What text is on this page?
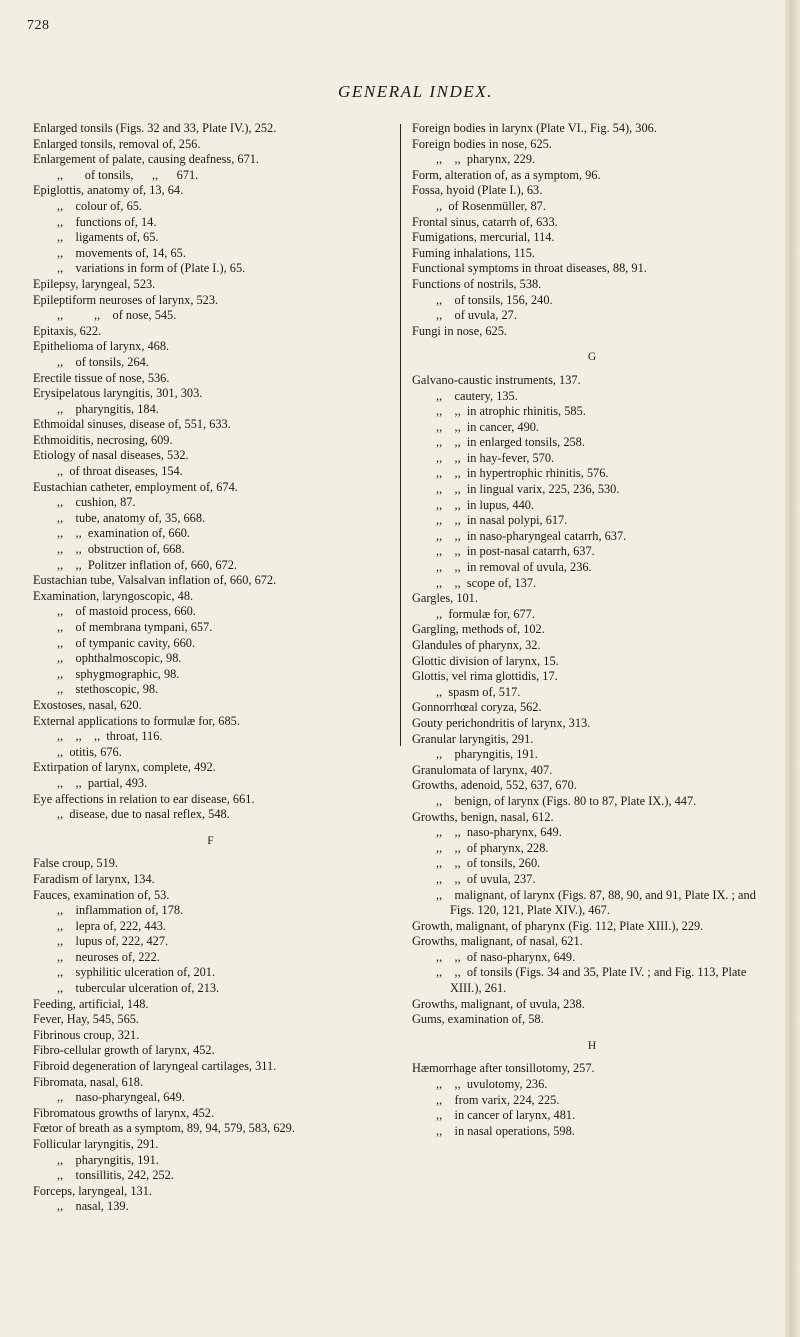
728
GENERAL INDEX.
Enlarged tonsils (Figs. 32 and 33, Plate IV.), 252.
Enlarged tonsils, removal of, 256.
Enlargement of palate, causing deafness, 671.
,,       of tonsils,      ,,      671.
Epiglottis, anatomy of, 13, 64.
,,    colour of, 65.
,,    functions of, 14.
,,    ligaments of, 65.
,,    movements of, 14, 65.
,,    variations in form of (Plate I.), 65.
Epilepsy, laryngeal, 523.
Epileptiform neuroses of larynx, 523.
,,          ,,    of nose, 545.
Epitaxis, 622.
Epithelioma of larynx, 468.
,,    of tonsils, 264.
Erectile tissue of nose, 536.
Erysipelatous laryngitis, 301, 303.
,,    pharyngitis, 184.
Ethmoidal sinuses, disease of, 551, 633.
Ethmoiditis, necrosing, 609.
Etiology of nasal diseases, 532.
,,  of throat diseases, 154.
Eustachian catheter, employment of, 674.
,,    cushion, 87.
,,    tube, anatomy of, 35, 668.
,,    ,,  examination of, 660.
,,    ,,  obstruction of, 668.
,,    ,,  Politzer inflation of, 660, 672.
Eustachian tube, Valsalvan inflation of, 660, 672.
Examination, laryngoscopic, 48.
,,    of mastoid process, 660.
,,    of membrana tympani, 657.
,,    of tympanic cavity, 660.
,,    ophthalmoscopic, 98.
,,    sphygmographic, 98.
,,    stethoscopic, 98.
Exostoses, nasal, 620.
External applications to formulæ for, 685.
,,    ,,    ,,  throat, 116.
,,  otitis, 676.
Extirpation of larynx, complete, 492.
,,    ,,  partial, 493.
Eye affections in relation to ear disease, 661.
,,  disease, due to nasal reflex, 548.
F
False croup, 519.
Faradism of larynx, 134.
Fauces, examination of, 53.
,,    inflammation of, 178.
,,    lepra of, 222, 443.
,,    lupus of, 222, 427.
,,    neuroses of, 222.
,,    syphilitic ulceration of, 201.
,,    tubercular ulceration of, 213.
Feeding, artificial, 148.
Fever, Hay, 545, 565.
Fibrinous croup, 321.
Fibro-cellular growth of larynx, 452.
Fibroid degeneration of laryngeal cartilages, 311.
Fibromata, nasal, 618.
,,    naso-pharyngeal, 649.
Fibromatous growths of larynx, 452.
Fœtor of breath as a symptom, 89, 94, 579, 583, 629.
Follicular laryngitis, 291.
,,    pharyngitis, 191.
,,    tonsillitis, 242, 252.
Forceps, laryngeal, 131.
,,    nasal, 139.
Foreign bodies in larynx (Plate VI., Fig. 54), 306.
Foreign bodies in nose, 625.
,,    ,,  pharynx, 229.
Form, alteration of, as a symptom, 96.
Fossa, hyoid (Plate I.), 63.
,,  of Rosenmüller, 87.
Frontal sinus, catarrh of, 633.
Fumigations, mercurial, 114.
Fuming inhalations, 115.
Functional symptoms in throat diseases, 88, 91.
Functions of nostrils, 538.
,,    of tonsils, 156, 240.
,,    of uvula, 27.
Fungi in nose, 625.
G
Galvano-caustic instruments, 137.
,,    cautery, 135.
,,    ,,  in atrophic rhinitis, 585.
,,    ,,  in cancer, 490.
,,    ,,  in enlarged tonsils, 258.
,,    ,,  in hay-fever, 570.
,,    ,,  in hypertrophic rhinitis, 576.
,,    ,,  in lingual varix, 225, 236, 530.
,,    ,,  in lupus, 440.
,,    ,,  in nasal polypi, 617.
,,    ,,  in naso-pharyngeal catarrh, 637.
,,    ,,  in post-nasal catarrh, 637.
,,    ,,  in removal of uvula, 236.
,,    ,,  scope of, 137.
Gargles, 101.
,,  formulæ for, 677.
Gargling, methods of, 102.
Glandules of pharynx, 32.
Glottic division of larynx, 15.
Glottis, vel rima glottidis, 17.
,,  spasm of, 517.
Gonnorrhœal coryza, 562.
Gouty perichondritis of larynx, 313.
Granular laryngitis, 291.
,,    pharyngitis, 191.
Granulomata of larynx, 407.
Growths, adenoid, 552, 637, 670.
,,    benign, of larynx (Figs. 80 to 87, Plate IX.), 447.
Growths, benign, nasal, 612.
,,    ,,  naso-pharynx, 649.
,,    ,,  of pharynx, 228.
,,    ,,  of tonsils, 260.
,,    ,,  of uvula, 237.
,,    malignant, of larynx (Figs. 87, 88, 90, and 91, Plate IX. ; and Figs. 120, 121, Plate XIV.), 467.
Growth, malignant, of pharynx (Fig. 112, Plate XIII.), 229.
Growths, malignant, of nasal, 621.
,,    ,,  of naso-pharynx, 649.
,,    ,,  of tonsils (Figs. 34 and 35, Plate IV. ; and Fig. 113, Plate XIII.), 261.
Growths, malignant, of uvula, 238.
Gums, examination of, 58.
H
Hæmorrhage after tonsillotomy, 257.
,,    ,,  uvulotomy, 236.
,,    from varix, 224, 225.
,,    in cancer of larynx, 481.
,,    in nasal operations, 598.
